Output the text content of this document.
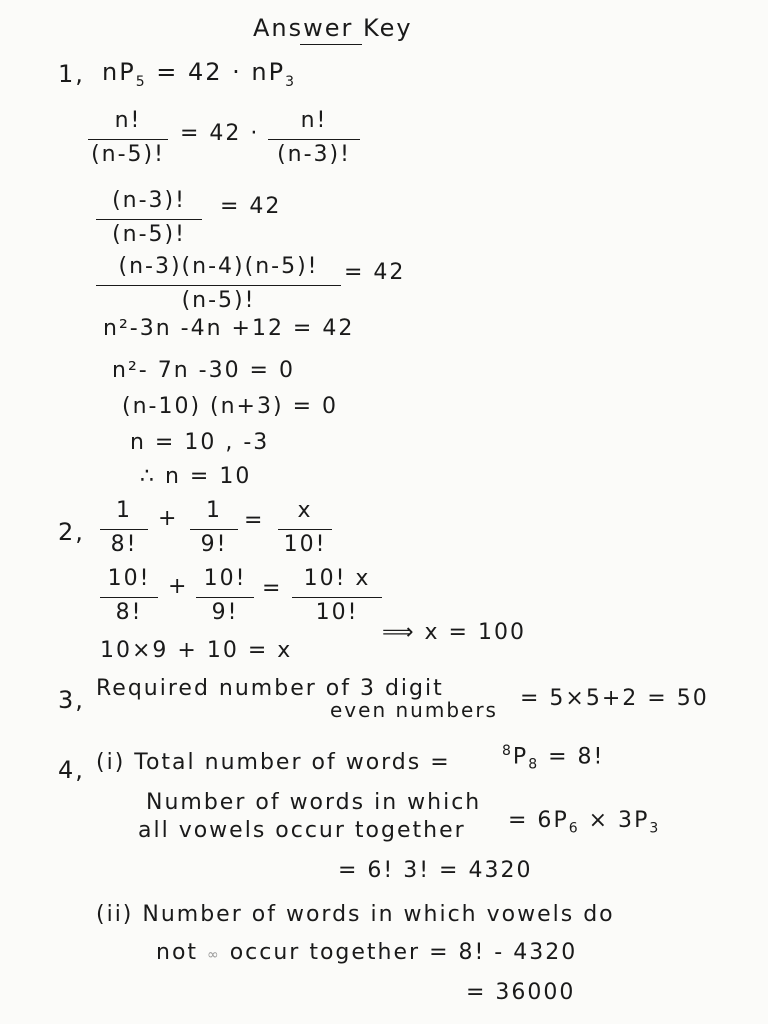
Answer Key
1, $nP_5 = 42 \cdot nP_3$
n!
(n-5)!
= 42 ·
n!
(n-3)!
(n-3)!
(n-5)!
= 42
(n-3)(n-4)(n-5)!
(n-5)!
= 42
n²-3n -4n +12 = 42
n²- 7n -30 = 0
(n-10) (n+3) = 0
n = 10 , -3
∴ n = 10
2,
1
8!
+	1
9!
=	x
10!
10!
8!
+ 10!
9!
= 10! x
10!
10×9 + 10 = x
⟹ x = 100
3, Required number of 3 digit
even numbers = 5×5+2 = 50
4, (i) Total number of words =	$^8P_8 = 8$!
Number of words in which
all vowels occur together = $6P_6 \times 3P_3$
= 6! 3! = 4320
(ii) Number of words in which vowels do
not ∞ occur together = 8! - 4320
= 36000
